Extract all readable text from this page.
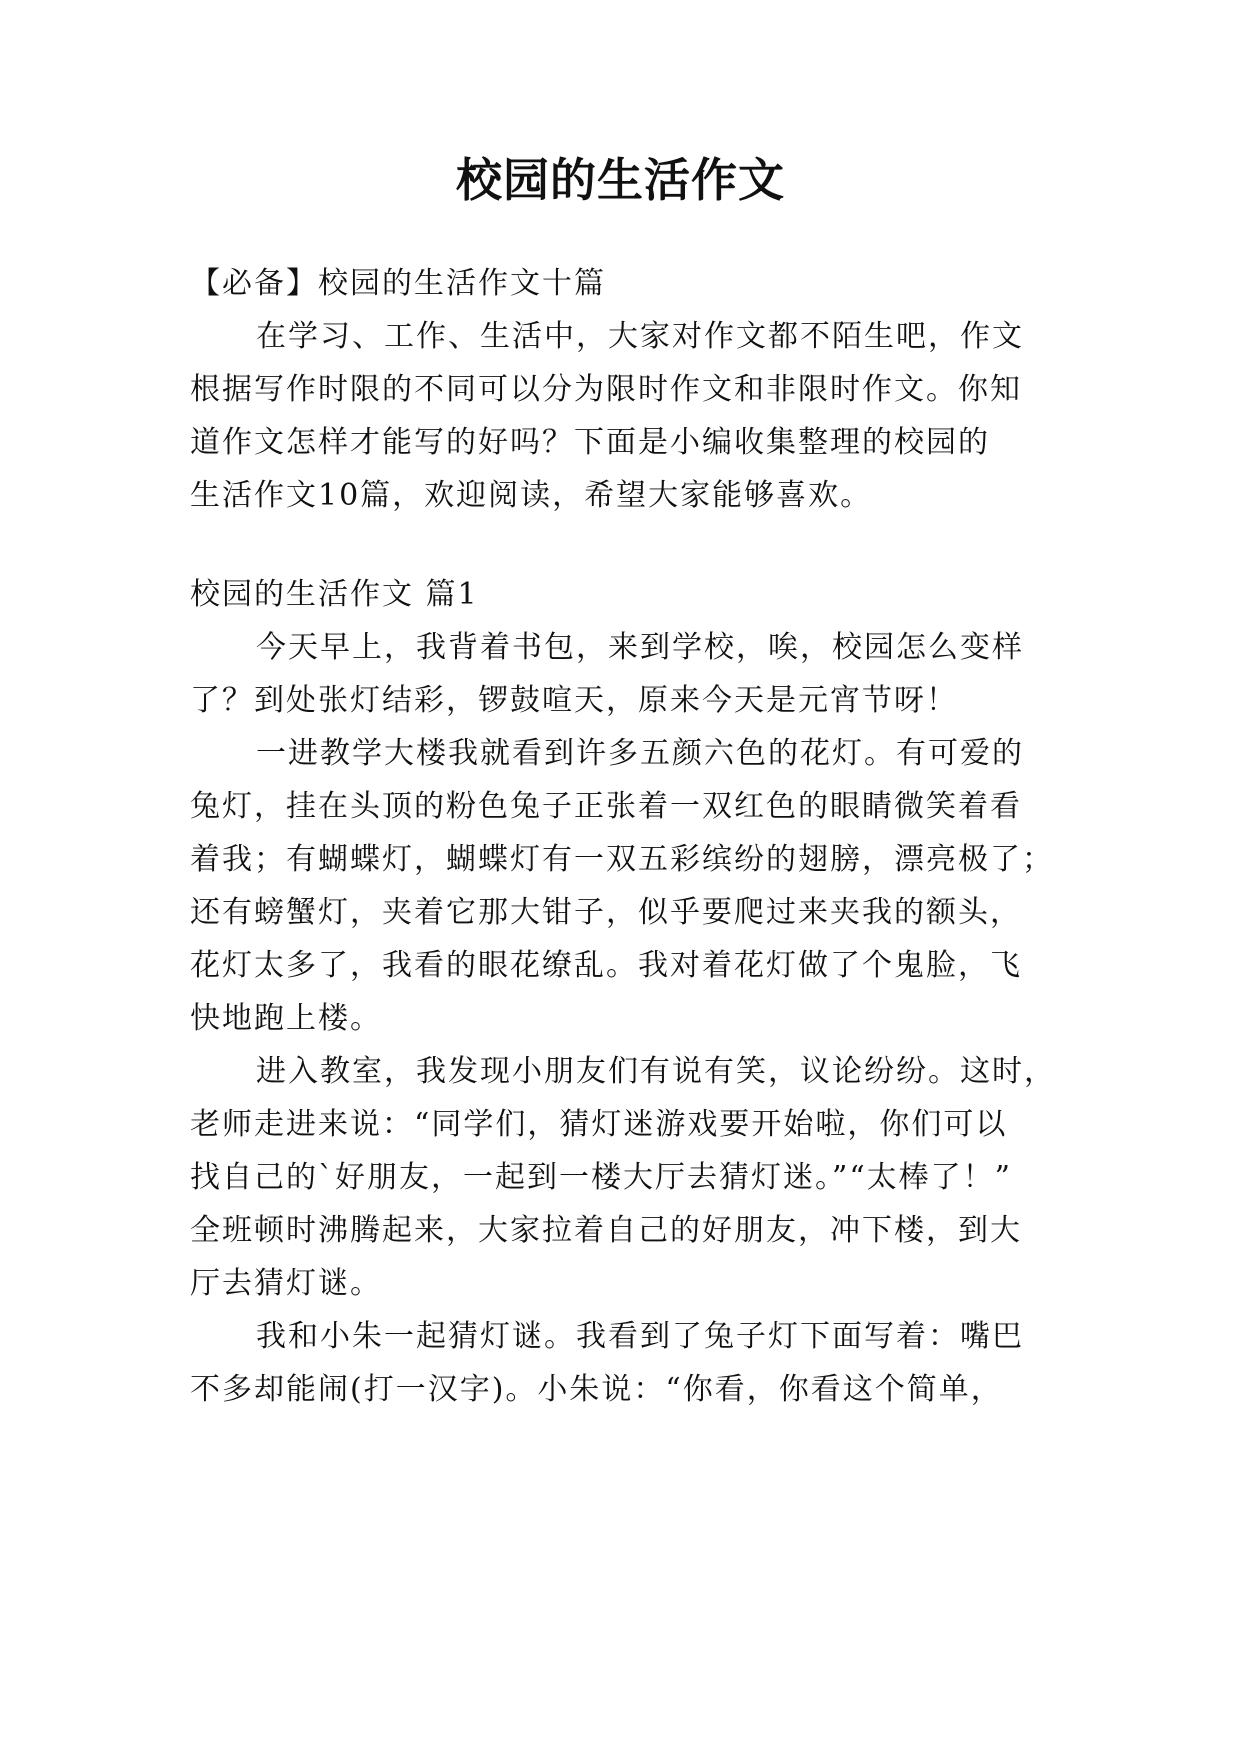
校园的生活作文
【必备】校园的生活作文十篇
在学习、工作、生活中，大家对作文都不陌生吧，作文
根据写作时限的不同可以分为限时作文和非限时作文。你知
道作文怎样才能写的好吗？下面是小编收集整理的校园的
生活作文10篇，欢迎阅读，希望大家能够喜欢。
校园的生活作文 篇1
今天早上，我背着书包，来到学校，唉，校园怎么变样
了？到处张灯结彩，锣鼓喧天，原来今天是元宵节呀！
一进教学大楼我就看到许多五颜六色的花灯。有可爱的
兔灯，挂在头顶的粉色兔子正张着一双红色的眼睛微笑着看
着我；有蝴蝶灯，蝴蝶灯有一双五彩缤纷的翅膀，漂亮极了；
还有螃蟹灯，夹着它那大钳子，似乎要爬过来夹我的额头，
花灯太多了，我看的眼花缭乱。我对着花灯做了个鬼脸，飞
快地跑上楼。
进入教室，我发现小朋友们有说有笑，议论纷纷。这时，
老师走进来说：“同学们，猜灯迷游戏要开始啦，你们可以
找自己的`好朋友，一起到一楼大厅去猜灯迷。”“太棒了！”
全班顿时沸腾起来，大家拉着自己的好朋友，冲下楼，到大
厅去猜灯谜。
我和小朱一起猜灯谜。我看到了兔子灯下面写着：嘴巴
不多却能闹(打一汉字)。小朱说：“你看，你看这个简单，
